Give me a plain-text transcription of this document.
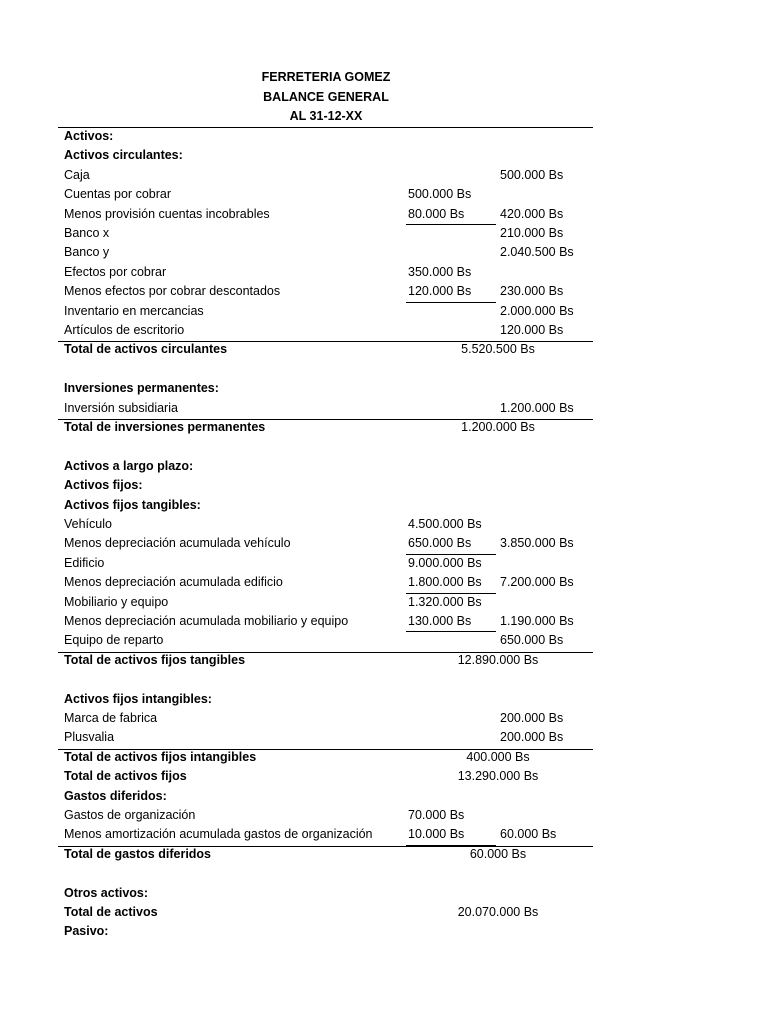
FERRETERIA GOMEZ
BALANCE GENERAL
AL 31-12-XX
Activos:
Activos circulantes:
Caja	500.000 Bs
Cuentas por cobrar	500.000 Bs
Menos provisión cuentas incobrables	80.000 Bs	420.000 Bs
Banco x	210.000 Bs
Banco y	2.040.500 Bs
Efectos por cobrar	350.000 Bs
Menos efectos por cobrar descontados	120.000 Bs 230.000 Bs
Inventario en mercancias	2.000.000 Bs
Artículos de escritorio	120.000 Bs
Total de activos circulantes	5.520.500 Bs
Inversiones permanentes:
Inversión subsidiaria	1.200.000 Bs
Total de inversiones permanentes	1.200.000 Bs
Activos a largo plazo:
Activos fijos:
Activos fijos tangibles:
Vehículo	4.500.000 Bs
Menos depreciación acumulada vehículo	650.000 Bs 3.850.000 Bs
Edificio	9.000.000 Bs
Menos depreciación acumulada edificio	1.800.000 Bs 7.200.000 Bs
Mobiliario y equipo	1.320.000 Bs
Menos depreciación acumulada mobiliario y equipo	130.000 Bs 1.190.000 Bs
Equipo de reparto	650.000 Bs
Total de activos fijos tangibles	12.890.000 Bs
Activos fijos intangibles:
Marca de fabrica	200.000 Bs
Plusvalia	200.000 Bs
Total de activos fijos intangibles	400.000 Bs
Total de activos fijos	13.290.000 Bs
Gastos diferidos:
Gastos de organización	70.000 Bs
Menos amortización acumulada gastos de organización	10.000 Bs	60.000 Bs
Total de gastos diferidos	60.000 Bs
Otros activos:
Total de activos	20.070.000 Bs
Pasivo:
